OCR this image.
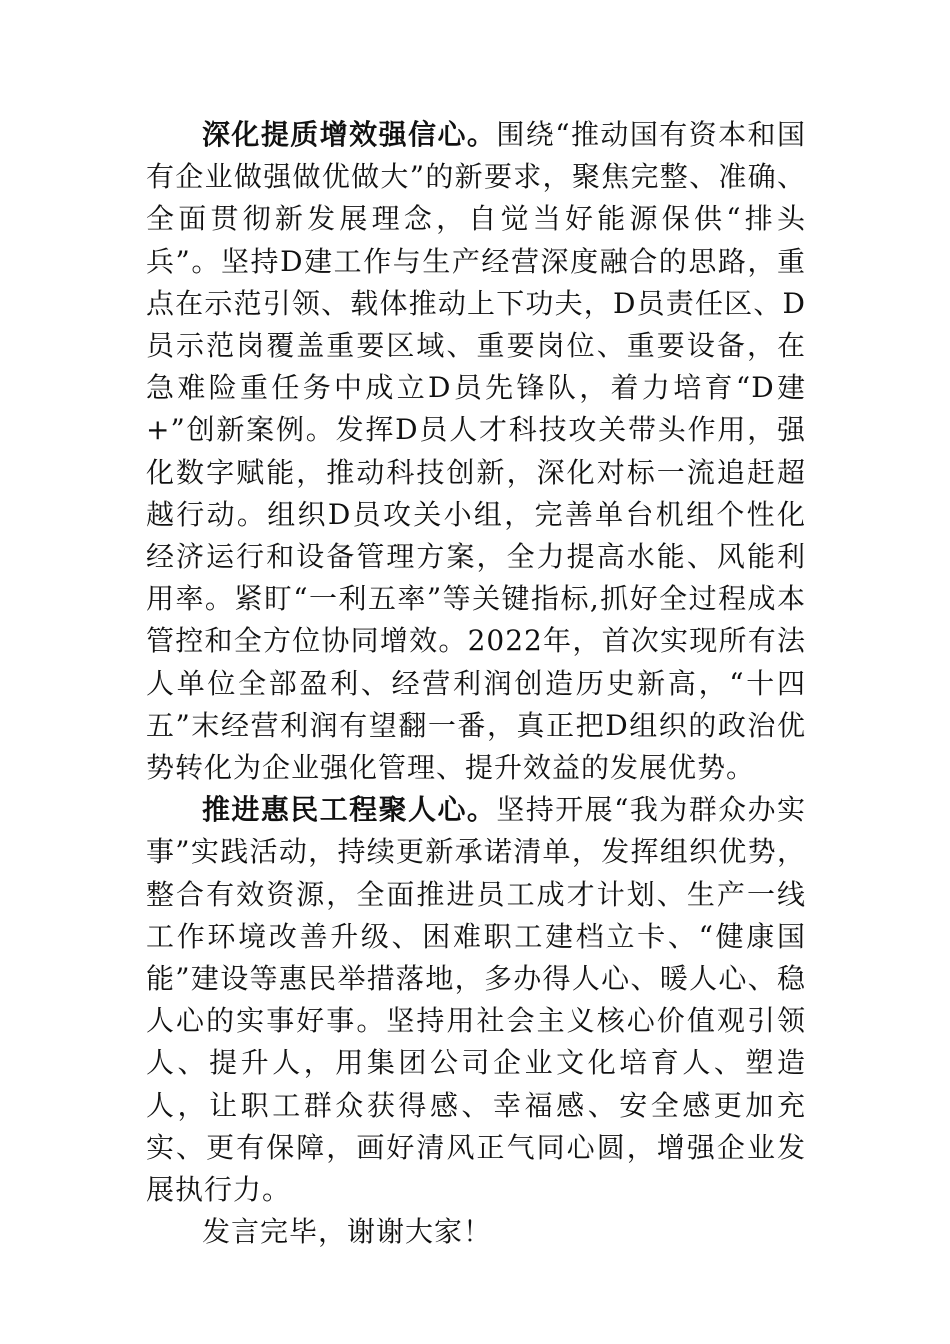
深化提质增效强信心。围绕“推动国有资本和国有企业做强做优做大”的新要求，聚焦完整、准确、全面贯彻新发展理念，自觉当好能源保供“排头兵”。坚持D建工作与生产经营深度融合的思路，重点在示范引领、载体推动上下功夫，D员责任区、D员示范岗覆盖重要区域、重要岗位、重要设备，在急难险重任务中成立D员先锋队，着力培育“D建+”创新案例。发挥D员人才科技攻关带头作用，强化数字赋能，推动科技创新，深化对标一流追赶超越行动。组织D员攻关小组，完善单台机组个性化经济运行和设备管理方案，全力提高水能、风能利用率。紧盯“一利五率”等关键指标,抓好全过程成本管控和全方位协同增效。2022年，首次实现所有法人单位全部盈利、经营利润创造历史新高，“十四五”末经营利润有望翻一番，真正把D组织的政治优势转化为企业强化管理、提升效益的发展优势。

推进惠民工程聚人心。坚持开展“我为群众办实事”实践活动，持续更新承诺清单，发挥组织优势，整合有效资源，全面推进员工成才计划、生产一线工作环境改善升级、困难职工建档立卡、“健康国能”建设等惠民举措落地，多办得人心、暖人心、稳人心的实事好事。坚持用社会主义核心价值观引领人、提升人，用集团公司企业文化培育人、塑造人，让职工群众获得感、幸福感、安全感更加充实、更有保障，画好清风正气同心圆，增强企业发展执行力。

发言完毕，谢谢大家！
